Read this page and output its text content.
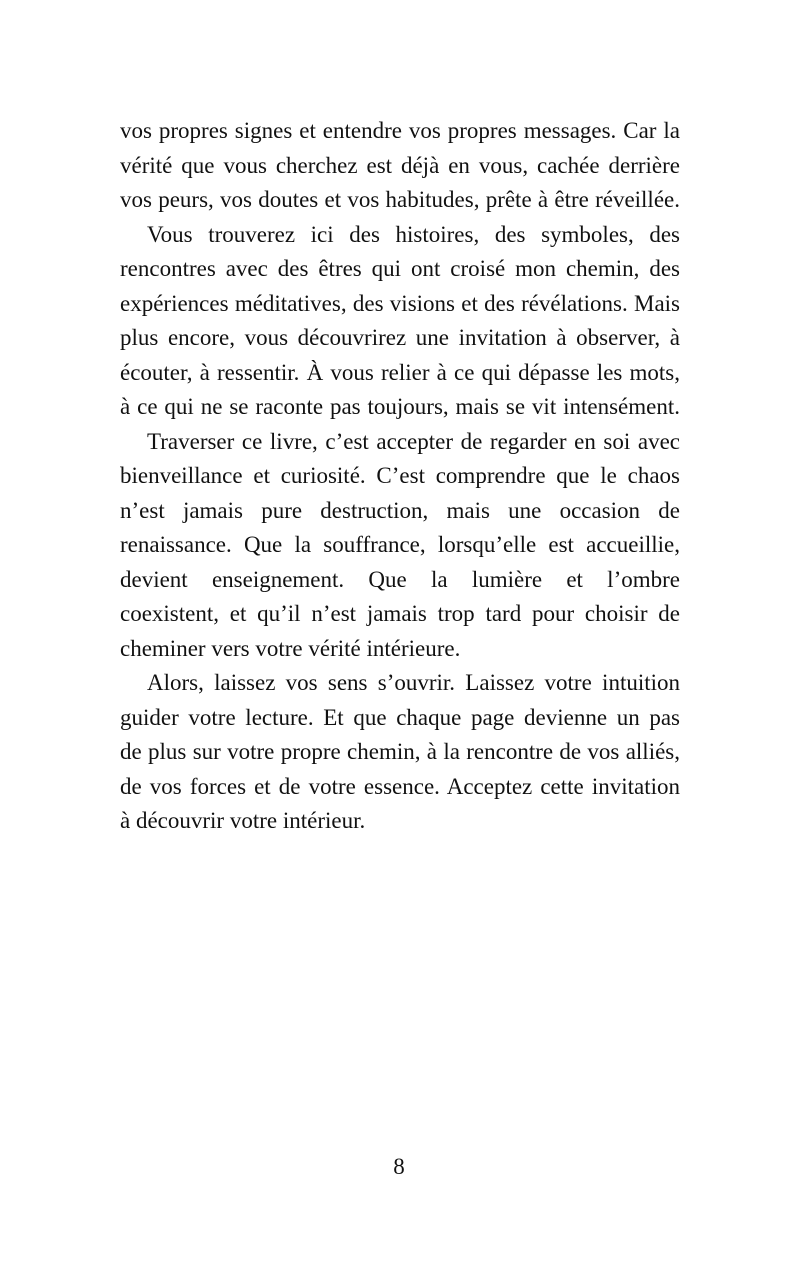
vos propres signes et entendre vos propres messages. Car la
vérité que vous cherchez est déjà en vous, cachée derrière
vos peurs, vos doutes et vos habitudes, prête à être réveillée.

Vous trouverez ici des histoires, des symboles, des
rencontres avec des êtres qui ont croisé mon chemin, des
expériences méditatives, des visions et des révélations. Mais
plus encore, vous découvrirez une invitation à observer, à
écouter, à ressentir. À vous relier à ce qui dépasse les mots,
à ce qui ne se raconte pas toujours, mais se vit intensément.

Traverser ce livre, c’est accepter de regarder en soi avec
bienveillance et curiosité. C’est comprendre que le chaos
n’est jamais pure destruction, mais une occasion de
renaissance. Que la souffrance, lorsqu’elle est accueillie,
devient enseignement. Que la lumière et l’ombre
coexistent, et qu’il n’est jamais trop tard pour choisir de
cheminer vers votre vérité intérieure.

Alors, laissez vos sens s’ouvrir. Laissez votre intuition
guider votre lecture. Et que chaque page devienne un pas
de plus sur votre propre chemin, à la rencontre de vos alliés,
de vos forces et de votre essence. Acceptez cette invitation
à découvrir votre intérieur.

8
